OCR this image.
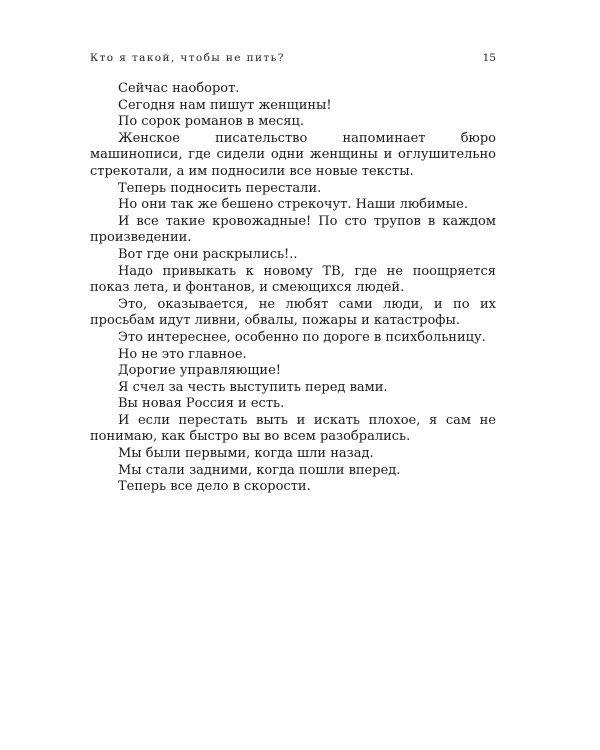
Кто я такой, чтобы не пить?	15

Сейчас наоборот.

Сегодня нам пишут женщины!

По сорок романов в месяц.

Женское писательство напоминает бюро машинописи, где сидели одни женщины и оглушительно стрекотали, а им подносили все новые тексты.

Теперь подносить перестали.

Но они так же бешено стрекочут. Наши любимые.

И все такие кровожадные! По сто трупов в каждом произведении.

Вот где они раскрылись!..

Надо привыкать к новому ТВ, где не поощряется показ лета, и фонтанов, и смеющихся людей.

Это, оказывается, не любят сами люди, и по их просьбам идут ливни, обвалы, пожары и катастрофы.

Это интереснее, особенно по дороге в психбольницу.

Но не это главное.

Дорогие управляющие!

Я счел за честь выступить перед вами.

Вы новая Россия и есть.

И если перестать выть и искать плохое, я сам не понимаю, как быстро вы во всем разобрались.

Мы были первыми, когда шли назад.

Мы стали задними, когда пошли вперед.

Теперь все дело в скорости.
